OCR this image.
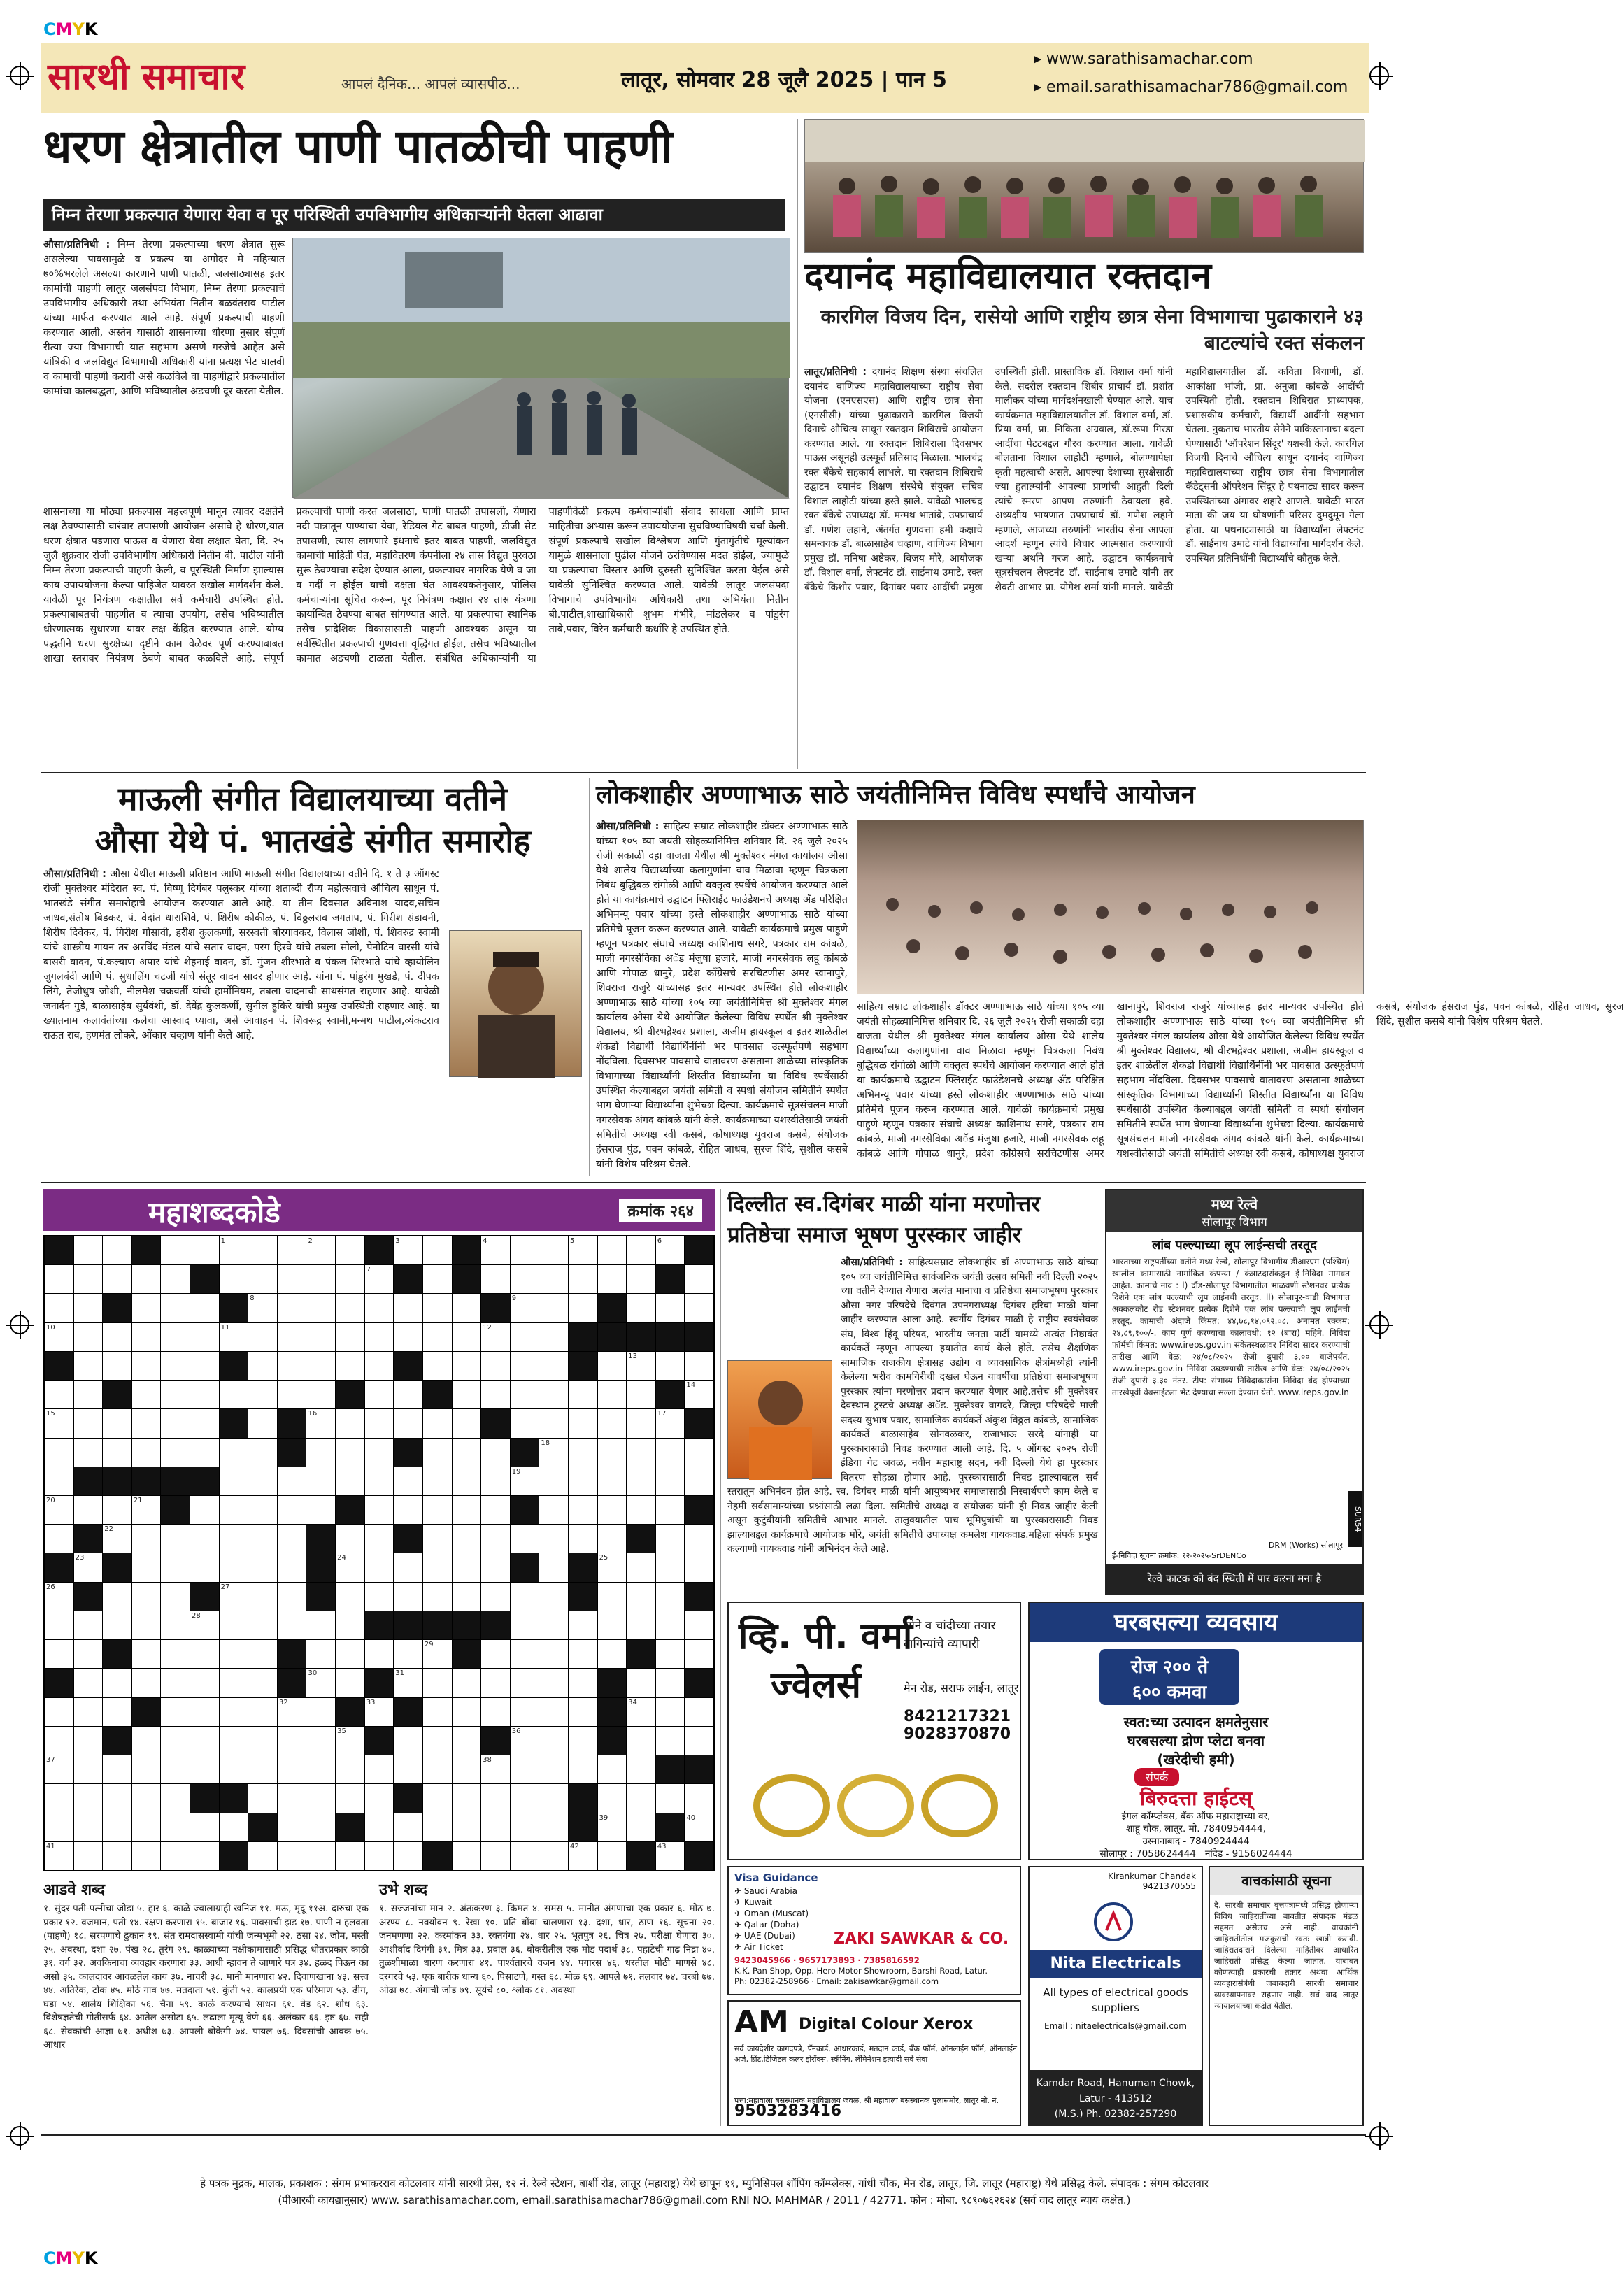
CMYK
CMYK
सारथी समाचार	आपलं दैनिक... आपलं व्यासपीठ...	लातूर, सोमवार 28 जूलै 2025 | पान 5
▸ www.sarathisamachar.com
▸ email.sarathisamachar786@gmail.com
धरण क्षेत्रातील पाणी पातळीची पाहणी
निम्न तेरणा प्रकल्पात येणारा येवा व पूर परिस्थिती उपविभागीय अधिकाऱ्यांनी घेतला आढावा
औसा/प्रतिनिधी : निम्न तेरणा प्रकल्पाच्या धरण क्षेत्रात सुरू असलेल्या पावसामुळे व प्रकल्प या अगोदर मे महिन्यात ७०%भरलेले असल्या कारणाने पाणी पातळी, जलसाठ्यासह इतर कामांची पाहणी लातूर जलसंपदा विभाग, निम्न तेरणा प्रकल्पाचे उपविभागीय अधिकारी तथा अभियंता नितीन बळवंतराव पाटील यांच्या मार्फत करण्यात आले आहे. संपूर्ण प्रकल्पाची पाहणी करण्यात आली, अस्तेन यासाठी शासनाच्या धोरणा नुसार संपूर्ण रीत्या ज्या विभागाची यात सहभाग असणे गरजेचे आहेत असे यांत्रिकी व जलविद्युत विभागाची अधिकारी यांना प्रत्यक्ष भेट घालवी व कामाची पाहणी करावी असे कळविले वा पाहणीद्वारे प्रकल्पातील कामांचा कालबद्धता, आणि भविष्यातील अडचणी दूर करता येतील.
शासनाच्या या मोठ्या प्रकल्पास महत्त्वपूर्ण मानून त्यावर दक्षतेने लक्ष ठेवण्यासाठी वारंवार तपासणी आयोजन असावे हे धोरण,यात धरण क्षेत्रात पडणारा पाऊस व येणारा येवा लक्षात घेता, दि. २५ जुलै शुक्रवार रोजी उपविभागीय अधिकारी नितीन बी. पाटील यांनी निम्न तेरणा प्रकल्पाची पाहणी केली, व पूरस्थिती निर्माण झाल्यास काय उपाययोजना केल्या पाहिजेत यावरत सखोल मार्गदर्शन केले. यावेळी पूर नियंत्रण कक्षातील सर्व कर्मचारी उपस्थित होते. प्रकल्पाबाबतची पाहणीत व त्याचा उपयोग, तसेच भविष्यातील धोरणात्मक सुधारणा यावर लक्ष केंद्रित करण्यात आले. योग्य पद्धतीने धरण सुरक्षेच्या दृष्टीने काम वेळेवर पूर्ण करण्याबाबत शाखा स्तरावर नियंत्रण ठेवणे बाबत कळविले आहे. संपूर्ण प्रकल्पाची पाणी करत जलसाठा, पाणी पातळी तपासली, येणारा नदी पात्रातून पाण्याचा येवा, रेडियल गेट बाबत पाहणी, डीजी सेट तपासणी, त्यास लागणारे इंधनाचे इतर बाबत पाहणी, जलविद्युत कामाची माहिती घेत, महावितरण कंपनीला २४ तास विद्युत पुरवठा सुरू ठेवण्याचा सदेश देण्यात आला, प्रकल्पावर नागरिक येणे व जा व गर्दी न होईल याची दक्षता घेत आवश्यकतेनुसार, पोलिस कर्मचाऱ्यांना सूचित करून, पूर नियंत्रण कक्षात २४ तास यंत्रणा कार्यान्वित ठेवण्या बाबत सांगण्यात आले. या प्रकल्पाचा स्थानिक तसेच प्रादेशिक विकासासाठी पाहणी आवश्यक असून या सर्वस्थितीत प्रकल्पाची गुणवत्ता वृद्धिंगत होईल, तसेच भविष्यातील कामात अडचणी टाळता येतील. संबंधित अधिकाऱ्यांनी या पाहणीवेळी प्रकल्प कर्मचाऱ्यांशी संवाद साधला आणि प्राप्त माहितीचा अभ्यास करून उपाययोजना सुचविण्याविषयी चर्चा केली. संपूर्ण प्रकल्पाचे सखोल विश्लेषण आणि गुंतागुंतीचे मूल्यांकन यामुळे शासनाला पुढील योजने ठरविण्यास मदत होईल, ज्यामुळे या प्रकल्पाचा विस्तार आणि दुरुस्ती सुनिश्चित करता येईल असे यावेळी सुनिश्चित करण्यात आले. यावेळी लातूर जलसंपदा विभागाचे उपविभागीय अधिकारी तथा अभियंता नितीन बी.पाटील,शाखाधिकारी शुभम गंभीरे, मांडलेकर व पांडुरंग ताबे,पवार, विरेन कर्मचारी कर्धारि हे उपस्थित होते.
दयानंद महाविद्यालयात रक्तदान
कारगिल विजय दिन, रासेयो आणि राष्ट्रीय छात्र सेना विभागाचा पुढाकाराने ४३ बाटल्यांचे रक्त संकलन
लातूर/प्रतिनिधी : दयानंद शिक्षण संस्था संचलित दयानंद वाणिज्य महाविद्यालयाच्या राष्ट्रीय सेवा योजना (एनएसएस) आणि राष्ट्रीय छात्र सेना (एनसीसी) यांच्या पुढाकाराने कारगिल विजयी दिनाचे औचित्य साधून रक्तदान शिबिराचे आयोजन करण्यात आले. या रक्तदान शिबिराला दिवसभर पाऊस असूनही उत्स्फूर्त प्रतिसाद मिळाला. भालचंद्र रक्त बँकेचे सहकार्य लाभले. या रक्तदान शिबिराचे उद्घाटन दयानंद शिक्षण संस्थेचे संयुक्त सचिव विशाल लाहोटी यांच्या हस्ते झाले. यावेळी भालचंद्र रक्त बँकेचे उपाध्यक्ष डॉ. मन्मथ भातांब्रे, उपप्राचार्य डॉ. गणेश लहाने, अंतर्गत गुणवत्ता हमी कक्षाचे समन्वयक डॉ. बाळासाहेब चव्हाण, वाणिज्य विभाग प्रमुख डॉ. मनिषा अष्टेकर, विजय मोरे, आयोजक डॉ. विशाल वर्मा, लेफ्टनंट डॉ. साईनाथ उमाटे, रक्त बँकेचे किशोर पवार, दिगांबर पवार आदींची प्रमुख उपस्थिती होती. प्रास्ताविक डॉ. विशाल वर्मा यांनी केले. सदरील रक्तदान शिबीर प्राचार्य डॉ. प्रशांत मालीकर यांच्या मार्गदर्शनखाली घेण्यात आले. याच कार्यक्रमात महाविद्यालयातील डॉ. विशाल वर्मा, डॉ. प्रिया वर्मा, प्रा. निकिता अग्रवाल, डॉ.रूपा गिरडा आदींचा पेटटबद्दल गौरव करण्यात आला. यावेळी बोलताना विशाल लाहोटी म्हणाले, बोलण्यापेक्षा कृती महत्वाची असते. आपल्या देशाच्या सुरक्षेसाठी ज्या हुतात्म्यांनी आपल्या प्राणांची आहुती दिली त्यांचे स्मरण आपण तरुणांनी ठेवायला हवे. अध्यक्षीय भाषणात उपप्राचार्य डॉ. गणेश लहाने म्हणाले, आजच्या तरुणांनी भारतीय सेना आपला आदर्श म्हणून त्यांचे विचार आत्मसात करण्याची खऱ्या अर्थाने गरज आहे. उद्घाटन कार्यक्रमाचे सूत्रसंचलन लेफ्टनंट डॉ. साईनाथ उमाटे यांनी तर शेवटी आभार प्रा. योगेश शर्मा यांनी मानले. यावेळी महाविद्यालयातील डॉ. कविता बियाणी, डॉ. आकांक्षा भांजी, प्रा. अनुजा कांबळे आदींची उपस्थिती होती. रक्तदान शिबिरात प्राध्यापक, प्रशासकीय कर्मचारी, विद्यार्थी आदींनी सहभाग घेतला. नुकताच भारतीय सेनेने पाकिस्तानाचा बदला घेण्यासाठी 'ऑपरेशन सिंदूर' यशस्वी केले. कारगिल विजयी दिनाचे औचित्य साधून दयानंद वाणिज्य महाविद्यालयाच्या राष्ट्रीय छात्र सेना विभागातील कॅडेट्सनी ऑपरेशन सिंदूर हे पथनाट्य सादर करून उपस्थितांच्या अंगावर शहारे आणले. यावेळी भारत माता की जय या घोषणांनी परिसर दुमदुमून गेला होता. या पथनाट्यासाठी या विद्यार्थ्यांना लेफ्टनंट डॉ. साईनाथ उमाटे यांनी विद्यार्थ्यांना मार्गदर्शन केले. उपस्थित प्रतिनिधींनी विद्यार्थ्यांचे कौतुक केले.
माऊली संगीत विद्यालयाच्या वतीने
औसा येथे पं. भातखंडे संगीत समारोह
औसा/प्रतिनिधी : औसा येथील माऊली प्रतिष्ठान आणि माऊली संगीत विद्यालयाच्या वतीने दि. १ ते ३ ऑगस्ट रोजी मुक्तेश्वर मंदिरात स्व. पं. विष्णू दिगंबर पलुस्कर यांच्या शताब्दी रौप्य महोत्सवाचे औचित्य साधून पं. भातखंडे संगीत समारोहाचे आयोजन करण्यात आले आहे. या तीन दिवसात अविनाश यादव,सचिन जाधव,संतोष बिडकर, पं. वेदांत धाराशिवे, पं. शिरीष कोकीळ, पं. विठ्ठलराव जगताप, पं. गिरीश संडावनी, शिरीष दिवेकर, पं. गिरीश गोसावी, हरीश कुलकर्णी, सरस्वती बोरगावकर, विलास जोशी, पं. शिवरुद्र स्वामी यांचे शास्त्रीय गायन तर अरविंद मंडल यांचे सतार वादन, परग हिरवे यांचे तबला सोलो, पेनोटिन वारसी यांचे बासरी वादन, पं.कल्याण अपार यांचे शेहनाई वादन, डॉ. गुंजन शीरभाते व पंकज शिरभाते यांचे व्हायोलिन जुगलबंदी आणि पं. सुधालिंग चटर्जी यांचे संतूर वादन सादर होणार आहे. यांना पं. पांडुरंग मुखडे, पं. दीपक लिंगे, तेजोधुष जोशी, नीलमेश चक्रवर्ती यांची हार्मोनियम, तबला वादनाची साथसंगत राहणार आहे. यावेळी जनार्दन गुडे, बाळासाहेब सुर्यवंशी, डॉ. देवेंद्र कुलकर्णी, सुनील हुकिरे यांची प्रमुख उपस्थिती राहणार आहे. या ख्यातनाम कलावंतांच्या कलेचा आस्वाद घ्यावा, असे आवाहन पं. शिवरूद्र स्वामी,मन्मथ पाटील,व्यंकटराव राऊत राव, हणमंत लोकरे, ओंकार चव्हाण यांनी केले आहे.
लोकशाहीर अण्णाभाऊ साठे जयंतीनिमित्त विविध स्पर्धांचे आयोजन
औसा/प्रतिनिधी : साहित्य सम्राट लोकशाहीर डॉक्टर अण्णाभाऊ साठे यांच्या १०५ व्या जयंती सोहळ्यानिमित्त शनिवार दि. २६ जुलै २०२५ रोजी सकाळी दहा वाजता येथील श्री मुक्तेश्वर मंगल कार्यालय औसा येथे शालेय विद्यार्थ्यांच्या कलागुणांना वाव मिळावा म्हणून चित्रकला निबंध बुद्धिबळ रांगोळी आणि वक्तृत्व स्पर्धेचे आयोजन करण्यात आले होते या कार्यक्रमाचे उद्घाटन फ्लिराईट फाउंडेशनचे अध्यक्ष अँड परिक्षित अभिमन्यू पवार यांच्या हस्ते लोकशाहीर अण्णाभाऊ साठे यांच्या प्रतिमेचे पूजन करून करण्यात आले. यावेळी कार्यक्रमाचे प्रमुख पाहुणे म्हणून पत्रकार संघाचे अध्यक्ष काशिनाथ सगरे, पत्रकार राम कांबळे, माजी नगरसेविका अॅड मंजुषा हजारे, माजी नगरसेवक लहू कांबळे आणि गोपाळ धानुरे, प्रदेश काँग्रेसचे सरचिटणीस अमर खानापुरे, शिवराज राजुरे यांच्यासह इतर मान्यवर उपस्थित होते लोकशाहीर अण्णाभाऊ साठे यांच्या १०५ व्या जयंतीनिमित्त श्री मुक्तेश्वर मंगल कार्यालय औसा येथे आयोजित केलेल्या विविध स्पर्धेत श्री मुक्तेश्वर विद्यालय, श्री वीरभद्रेश्वर प्रशाला, अजीम हायस्कूल व इतर शाळेतील शेकडो विद्यार्थी विद्यार्थिनींनी भर पावसात उत्स्फूर्तपणे सहभाग नोंदविला. दिवसभर पावसाचे वातावरण असताना शाळेच्या सांस्कृतिक विभागाच्या विद्यार्थ्यांनी शिस्तीत विद्यार्थ्यांना या विविध स्पर्धेसाठी उपस्थित केल्याबद्दल जयंती समिती व स्पर्धा संयोजन समितीने स्पर्धेत भाग घेणाऱ्या विद्यार्थ्यांना शुभेच्छा दिल्या. कार्यक्रमाचे सूत्रसंचलन माजी नगरसेवक अंगद कांबळे यांनी केले. कार्यक्रमाच्या यशस्वीतेसाठी जयंती समितीचे अध्यक्ष रवी कसबे, कोषाध्यक्ष युवराज कसबे, संयोजक हंसराज पुंड, पवन कांबळे, रोहित जाधव, सुरज शिंदे, सुशील कसबे यांनी विशेष परिश्रम घेतले.
साहित्य सम्राट लोकशाहीर डॉक्टर अण्णाभाऊ साठे यांच्या १०५ व्या जयंती सोहळ्यानिमित्त शनिवार दि. २६ जुलै २०२५ रोजी सकाळी दहा वाजता येथील श्री मुक्तेश्वर मंगल कार्यालय औसा येथे शालेय विद्यार्थ्यांच्या कलागुणांना वाव मिळावा म्हणून चित्रकला निबंध बुद्धिबळ रांगोळी आणि वक्तृत्व स्पर्धेचे आयोजन करण्यात आले होते या कार्यक्रमाचे उद्घाटन फ्लिराईट फाउंडेशनचे अध्यक्ष अँड परिक्षित अभिमन्यू पवार यांच्या हस्ते लोकशाहीर अण्णाभाऊ साठे यांच्या प्रतिमेचे पूजन करून करण्यात आले. यावेळी कार्यक्रमाचे प्रमुख पाहुणे म्हणून पत्रकार संघाचे अध्यक्ष काशिनाथ सगरे, पत्रकार राम कांबळे, माजी नगरसेविका अॅड मंजुषा हजारे, माजी नगरसेवक लहू कांबळे आणि गोपाळ धानुरे, प्रदेश काँग्रेसचे सरचिटणीस अमर खानापुरे, शिवराज राजुरे यांच्यासह इतर मान्यवर उपस्थित होते लोकशाहीर अण्णाभाऊ साठे यांच्या १०५ व्या जयंतीनिमित्त श्री मुक्तेश्वर मंगल कार्यालय औसा येथे आयोजित केलेल्या विविध स्पर्धेत श्री मुक्तेश्वर विद्यालय, श्री वीरभद्रेश्वर प्रशाला, अजीम हायस्कूल व इतर शाळेतील शेकडो विद्यार्थी विद्यार्थिनींनी भर पावसात उत्स्फूर्तपणे सहभाग नोंदविला. दिवसभर पावसाचे वातावरण असताना शाळेच्या सांस्कृतिक विभागाच्या विद्यार्थ्यांनी शिस्तीत विद्यार्थ्यांना या विविध स्पर्धेसाठी उपस्थित केल्याबद्दल जयंती समिती व स्पर्धा संयोजन समितीने स्पर्धेत भाग घेणाऱ्या विद्यार्थ्यांना शुभेच्छा दिल्या. कार्यक्रमाचे सूत्रसंचलन माजी नगरसेवक अंगद कांबळे यांनी केले. कार्यक्रमाच्या यशस्वीतेसाठी जयंती समितीचे अध्यक्ष रवी कसबे, कोषाध्यक्ष युवराज कसबे, संयोजक हंसराज पुंड, पवन कांबळे, रोहित जाधव, सुरज शिंदे, सुशील कसबे यांनी विशेष परिश्रम घेतले.
महाशब्दकोडे	क्रमांक २६४
1	2	3	4	5	6
7
8	9
10	11	12
13
14
15	16	17
18
19
20	21
22
23	24	25
26	27
28
29
30	31
32	33	34
35	36
37	38
39	40
41	42	43
आडवे शब्द
१. सुंदर पती-पत्नीचा जोडा ५. हार ६. काळे ज्वालाग्राही खनिज ११. मऊ, मृदू ११अ. दारुचा एक प्रकार १२. वजमान, पती १४. रक्षण करणारा १५. बाजार १६. पावसाची झड १७. पाणी न हलवता (पाहणे) १८. सरपणाचे ढुकान १९. संत रामदासस्वामी यांची जन्मभूमी २२. ठसा २४. जोम, मस्ती २५. अवस्था, दशा २७. पंख २८. तुरंग २९. काळ्याच्या नक्षीकामासाठी प्रसिद्ध धोतरप्रकार काठी ३१. वर्ग ३२. अवकिनाचा व्यवहार करणारा ३३. आधी न्हावन ते जाणारे पत्र ३४. हळद पिऊन का असो ३५. कालदावर आवळतेल काय ३७. नाचरी ३८. मानी मानणारा ४२. दिवाणखाना ४३. सत्त्व ४४. अतिरेक, टोक ४५. मोठे गाव ४७. मतदाता ५१. कुंती ५२. कालप्रयी एक परिमाण ५३. ढीग, घडा ५४. शालेय शिक्षिका ५६. चैना ५९. काळे करण्याचे साधन ६१. वेड ६२. शोध ६३. विशेषज्ञतेची गोतीसर्फ ६४. आतेल असोटा ६५. लढाला मृत्यू वेणे ६६. अलंकार ६६. इष्ट ६७. सही ६८. सेवकांची आज्ञा ७१. अधीश ७३. आपली बोकेगी ७४. पायल ७६. दिवसांची आवक ७५. आधार
उभे शब्द
१. सज्जनांचा मान २. अंतःकरण ३. किमत ४. समस ५. मानीत अंगणाचा एक प्रकार ६. मोठ ७. अरण्य ८. नवयोवन ९. रेखा १०. प्रति बोंबा चालणारा १३. दशा, धार, ठाण १६. सूचना २०. जनमणणा २२. करमांकन ३३. रक्तगंगा २४. धार २५. भूतपुत्र २६. चित्र २७. परीक्षा घेणारा ३०. आशीर्वाद दिगंगी ३१. मित्र ३३. प्रवाल ३६. बोकरीतील एक मोड पदार्थ ३८. पहाटेची गाढ निद्रा ४०. तुळशीमाळा धारण करणारा ४१. पार्श्वतारचे वजन ४४. पगारस ४६. धरतील मोठी माणसे ४८. दरगरचे ५३. एक बारीक धान्य ६०. पिसाटणे, गस्त ६८. मोळ ६९. आपले ७१. तलवार ७४. चरबी ७७. ओढा ७८. अंगाची जोड ७९. सूर्यचे ८०. श्लोक ८१. अवस्था
दिल्लीत स्व.दिगंबर माळी यांना मरणोत्तर
प्रतिष्ठेचा समाज भूषण पुरस्कार जाहीर
औसा/प्रतिनिधी : साहित्यसम्राट लोकशाहीर डॉ अण्णाभाऊ साठे यांच्या १०५ व्या जयंतीनिमित्त सार्वजनिक जयंती उत्सव समिती नवी दिल्ली २०२५ च्या वतीने देण्यात येणारा अत्यंत मानाचा व प्रतिष्ठेचा समाजभूषण पुरस्कार औसा नगर परिषदेचे दिवंगत उपनगराध्यक्ष दिगंबर हरिबा माळी यांना जाहीर करण्यात आला आहे. स्वर्गीय दिगंबर माळी हे राष्ट्रीय स्वयंसेवक संघ, विश्व हिंदू परिषद, भारतीय जनता पार्टी यामध्ये अत्यंत निष्ठावंत कार्यकर्ते म्हणून आपल्या हयातीत कार्य केले होते. तसेच शैक्षणिक सामाजिक राजकीय क्षेत्रासह उद्योग व व्यावसायिक क्षेत्रांमध्येही त्यांनी केलेल्या भरीव कामगिरीची दखल घेऊन यावर्षीचा प्रतिष्ठेचा समाजभूषण पुरस्कार त्यांना मरणोत्तर प्रदान करण्यात येणार आहे.तसेच श्री मुक्तेश्वर देवस्थान ट्रस्टचे अध्यक्ष अॅड. मुक्तेश्वर वागदरे, जिल्हा परिषदेचे माजी सदस्य सुभाष पवार, सामाजिक कार्यकर्ते अंकुश विठ्ठल कांबळे, सामाजिक कार्यकर्ते बाळासाहेब सोनवळकर, राजाभाऊ सरदे यांनाही या पुरस्कारासाठी निवड करण्यात आली आहे. दि. ५ ऑगस्ट २०२५ रोजी इंडिया गेट जवळ, नवीन महाराष्ट्र सदन, नवी दिल्ली येथे हा पुरस्कार वितरण सोहळा होणार आहे. पुरस्कारासाठी निवड झाल्याबद्दल सर्व स्तरातून अभिनंदन होत आहे. स्व. दिगंबर माळी यांनी आयुष्यभर समाजासाठी निस्वार्थपणे काम केले व नेहमी सर्वसामान्यांच्या प्रश्नांसाठी लढा दिला. समितीचे अध्यक्ष व संयोजक यांनी ही निवड जाहीर केली असून कुटुंबीयांनी समितीचे आभार मानले. तालुक्यातील पाच भूमिपुत्रांची या पुरस्कारासाठी निवड झाल्याबद्दल कार्यक्रमाचे आयोजक मोरे, जयंती समितीचे उपाध्यक्ष कमलेश गायकवाड.महिला संपर्क प्रमुख कल्याणी गायकवाड यांनी अभिनंदन केले आहे.
मध्य रेल्वे
सोलापूर विभाग
लांब पल्ल्याच्या लूप लाईन्सची तरतूद
भारताच्या राष्ट्रपतींच्या वतीने मध्य रेल्वे, सोलापूर विभागीय डीआरएम (पश्चिम) खालील कामासाठी नामांकित कंपन्या / कंत्राटदारांकडून ई-निविदा मागवत आहेत. कामाचे नाव : i) दौंड-सोलापूर विभागातील भाळवणी स्टेशनवर प्रत्येक दिशेने एक लांब पल्ल्याची लूप लाईनची तरतूद. ii) सोलापूर-वाडी विभागात अक्कलकोट रोड स्टेशनवर प्रत्येक दिशेने एक लांब पल्ल्याची लूप लाईनची तरतूद. कामाची अंदाजे किंमत: ४४,७८,१४,०९२.०८. अनामत रक्कम: २४,८९,१००/-. काम पूर्ण करण्याचा कालावधी: १२ (बारा) महिने. निविदा फॉर्मची किंमत: www.ireps.gov.in संकेतस्थळावर निविदा सादर करण्याची तारीख आणि वेळ: २४/०८/२०२५ रोजी दुपारी ३.०० वाजेपर्यंत. www.ireps.gov.in निविदा उघडण्याची तारीख आणि वेळ: २४/०८/२०२५ रोजी दुपारी ३.३० नंतर. टीप: संभाव्य निविदाकारांना निविदा बंद होण्याच्या तारखेपूर्वी वेबसाईटला भेट देण्याचा सल्ला देण्यात येतो. www.ireps.gov.in
DRM (Works) सोलापूर
ई-निविदा सूचना क्रमांक: १२-२०२५-SrDENCo
SUR54
रेल्वे फाटक को बंद स्थिती में पार करना मना है
व्हि. पी. वर्मा
ज्वेलर्स
सोने व चांदीच्या तयार दागिन्यांचे व्यापारी
मेन रोड, सराफ लाईन, लातूर
8421217321
9028370870
घरबसल्या व्यवसाय
रोज २०० ते
६०० कमवा
स्वत:च्या उत्पादन क्षमतेनुसार
घरबसल्या द्रोण प्लेटा बनवा
(खरेदीची हमी)
संपर्क
बिरुदत्ता हाईटस्
ईगल कॉम्प्लेक्स, बॅंक ऑफ महाराष्ट्राच्या वर,
शाहू चौक, लातूर. मो. 7840954444,
उस्मानाबाद - 7840924444
सोलापूर : 7058624444 नांदेड - 9156024444
Visa Guidance
✈ Saudi Arabia
✈ Kuwait
✈ Oman (Muscat)
✈ Qatar (Doha)
✈ UAE (Dubai)
✈ Air Ticket	ZAKI SAWKAR & CO.
9423045966 · 9657173893 · 7385816592
K.K. Pan Shop, Opp. Hero Motor Showroom, Barshi Road, Latur.
Ph: 02382-258966 · Email: zakisawkar@gmail.com
AM Digital Colour Xerox
सर्व कायदेशीर कागदपत्रे, पॅनकार्ड, आधारकार्ड, मतदान कार्ड, बँक फॉर्म, ऑनलाईन फॉर्म, ऑनलाईन अर्ज, प्रिंट,डिजिटल कलर झेरॉक्स, स्कॅनिंग, लॅमिनेशन इत्यादी सर्व सेवा
पत्ता:महावाला बसस्थानक महाविद्यालय जवळ, श्री महावाला बसस्थानक पुलासमोर, लातूर नो. नं. 9503283416
Kirankumar Chandak 9421370555
Nita Electricals
All types of electrical goods suppliers
Email : nitaelectricals@gmail.com
Kamdar Road, Hanuman Chowk, Latur - 413512
(M.S.) Ph. 02382-257290
वाचकांसाठी सूचना
दै. सारथी समाचार वृत्तपत्रामध्ये प्रसिद्ध होणाऱ्या विविध जाहिरातींच्या बाबतीत संपादक मंडळ सहमत असेलच असे नाही. वाचकांनी जाहिरातीतील मजकुराची स्वतः खात्री करावी. जाहिरातदाराने दिलेल्या माहितीवर आधारित जाहिराती प्रसिद्ध केल्या जातात. याबाबत कोणत्याही प्रकारची तक्रार अथवा आर्थिक व्यवहारासंबंधी जबाबदारी सारथी समाचार व्यवस्थापनावर राहणार नाही. सर्व वाद लातूर न्यायालयाच्या कक्षेत येतील.
हे पत्रक मुद्रक, मालक, प्रकाशक : संगम प्रभाकरराव कोटलवार यांनी सारथी प्रेस, १२ नं. रेल्वे स्टेशन, बार्शी रोड, लातूर (महाराष्ट्र) येथे छापून ११, म्युनिसिपल शॉपिंग कॉम्प्लेक्स, गांधी चौक, मेन रोड, लातूर, जि. लातूर (महाराष्ट्र) येथे प्रसिद्ध केले. संपादक : संगम कोटलवार
(पीआरबी कायद्यानुसार) www. sarathisamachar.com, email.sarathisamachar786@gmail.com RNI NO. MAHMAR / 2011 / 42771. फोन : मोबा. ९८९०७६२६२४ (सर्व वाद लातूर न्याय कक्षेत.)
